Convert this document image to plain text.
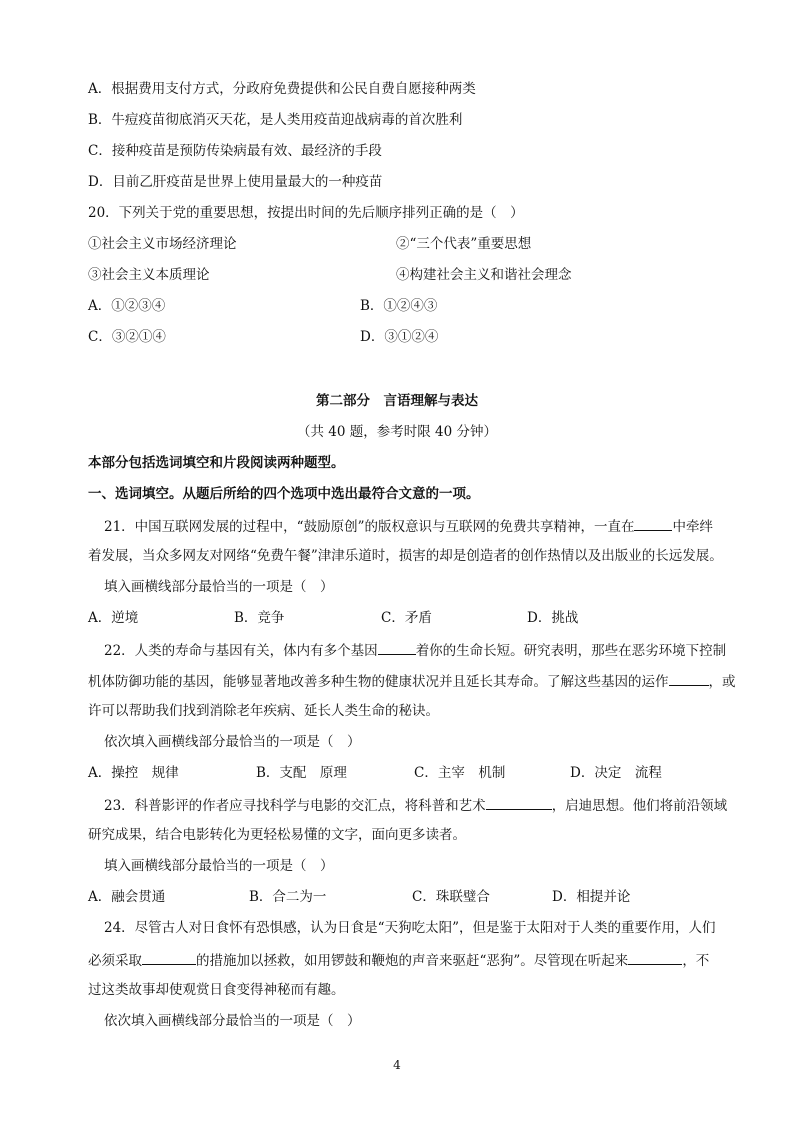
A．根据费用支付方式，分政府免费提供和公民自费自愿接种两类
B．牛痘疫苗彻底消灭天花，是人类用疫苗迎战病毒的首次胜利
C．接种疫苗是预防传染病最有效、最经济的手段
D．目前乙肝疫苗是世界上使用量最大的一种疫苗
20．下列关于党的重要思想，按提出时间的先后顺序排列正确的是（　）
①社会主义市场经济理论	②“三个代表”重要思想
③社会主义本质理论	④构建社会主义和谐社会理念
A．①②③④	B．①②④③
C．③②①④	D．③①②④
第二部分　言语理解与表达
（共 40 题，参考时限 40 分钟）
本部分包括选词填空和片段阅读两种题型。
一、选词填空。从题后所给的四个选项中选出最符合文意的一项。
21．中国互联网发展的过程中，“鼓励原创”的版权意识与互联网的免费共享精神，一直在	中牵绊
着发展，当众多网友对网络“免费午餐”津津乐道时，损害的却是创造者的创作热情以及出版业的长远发展。
填入画横线部分最恰当的一项是（　）
A．逆境	B．竞争	C．矛盾	D．挑战
22．人类的寿命与基因有关，体内有多个基因	着你的生命长短。研究表明，那些在恶劣环境下控制
机体防御功能的基因，能够显著地改善多种生物的健康状况并且延长其寿命。了解这些基因的运作	，或
许可以帮助我们找到消除老年疾病、延长人类生命的秘诀。
依次填入画横线部分最恰当的一项是（　）
A．操控　规律	B．支配　原理	C．主宰　机制	D．决定　流程
23．科普影评的作者应寻找科学与电影的交汇点，将科普和艺术	，启迪思想。他们将前沿领域
研究成果，结合电影转化为更轻松易懂的文字，面向更多读者。
填入画横线部分最恰当的一项是（　）
A．融会贯通	B．合二为一	C．珠联璧合	D．相提并论
24．尽管古人对日食怀有恐惧感，认为日食是“天狗吃太阳”，但是鉴于太阳对于人类的重要作用，人们
必须采取	的措施加以拯救，如用锣鼓和鞭炮的声音来驱赶“恶狗”。尽管现在听起来	，不
过这类故事却使观赏日食变得神秘而有趣。
依次填入画横线部分最恰当的一项是（　）
4
